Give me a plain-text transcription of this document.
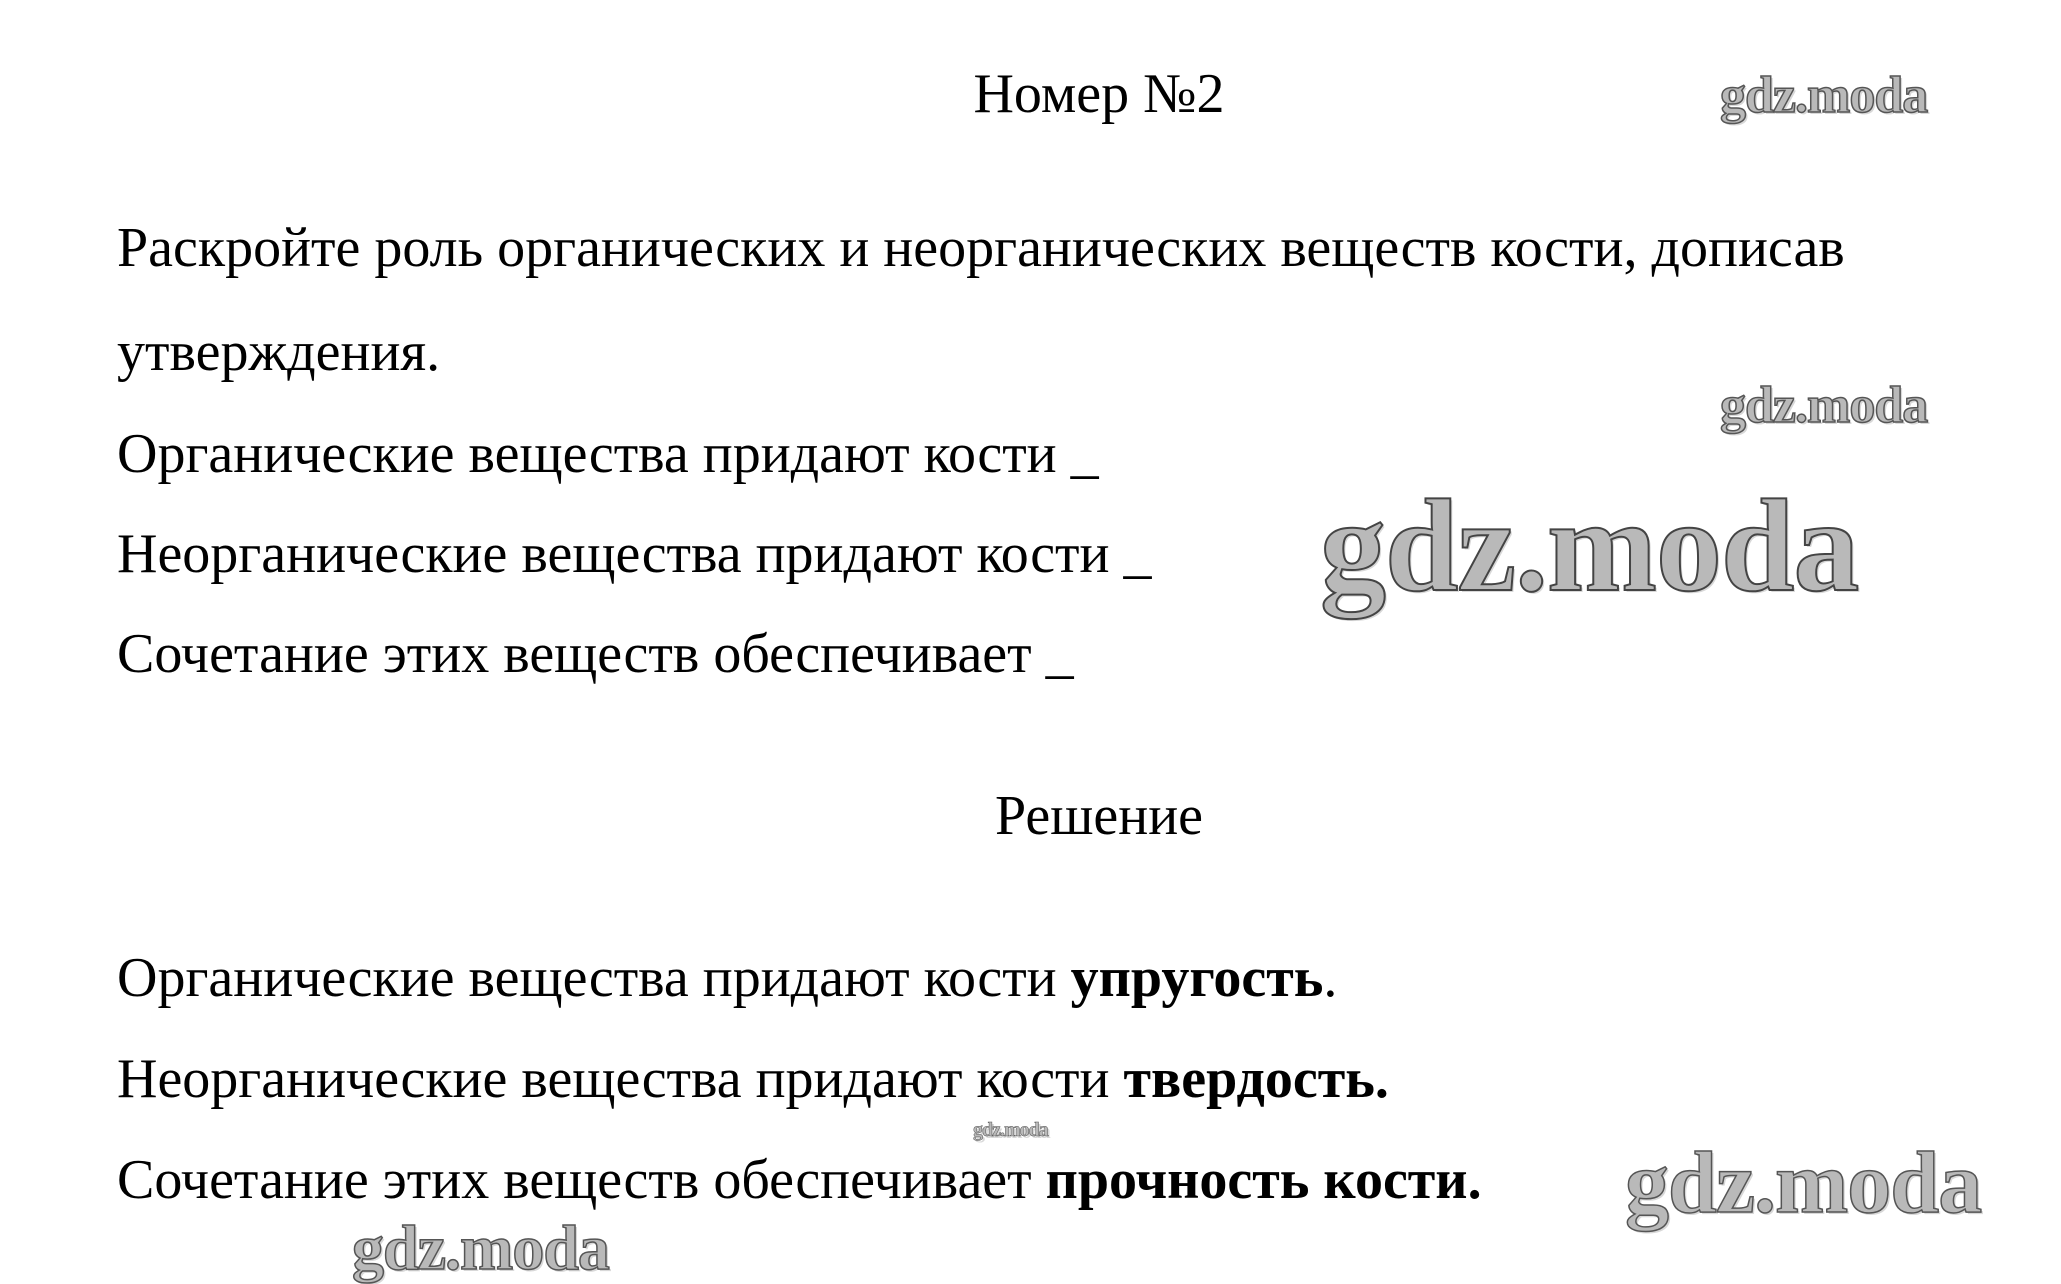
Номер №2
Раскройте роль органических и неорганических веществ кости, дописав
утверждения.
Органические вещества придают кости _
Неорганические вещества придают кости _
Сочетание этих веществ обеспечивает _
Решение
Органические вещества придают кости упругость.
Неорганические вещества придают кости твердость.
Сочетание этих веществ обеспечивает прочность кости.
gdz.moda
gdz.moda
gdz.moda
gdz.moda
gdz.moda
gdz.moda
